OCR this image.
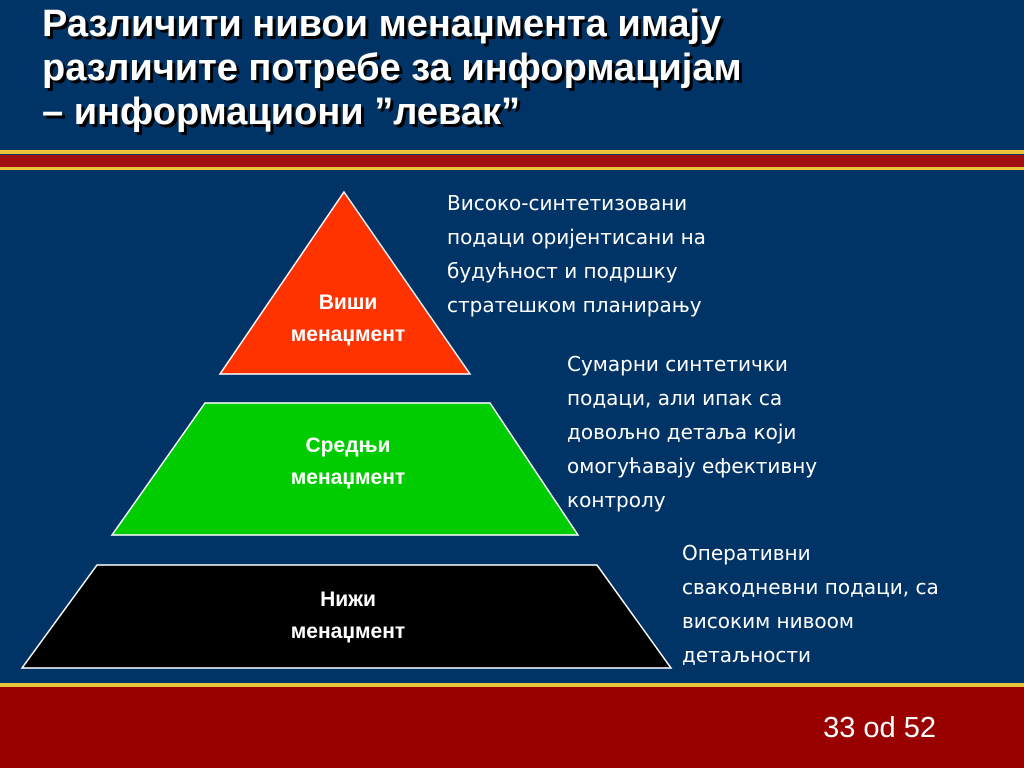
Различити нивои менаџмента имају
различите потребе за информацијам
– информациони ”левак”
Виши
менаџмент
Средњи
менаџмент
Нижи
менаџмент
Високо-синтетизовани
подаци оријентисани на
будућност и подршку
стратешком планирању
Сумарни синтетички
подаци, али ипак са
довољно детаља који
омогућавају ефективну
контролу
Оперативни
свакодневни подаци, са
високим нивоом
детаљности
33 od 52
